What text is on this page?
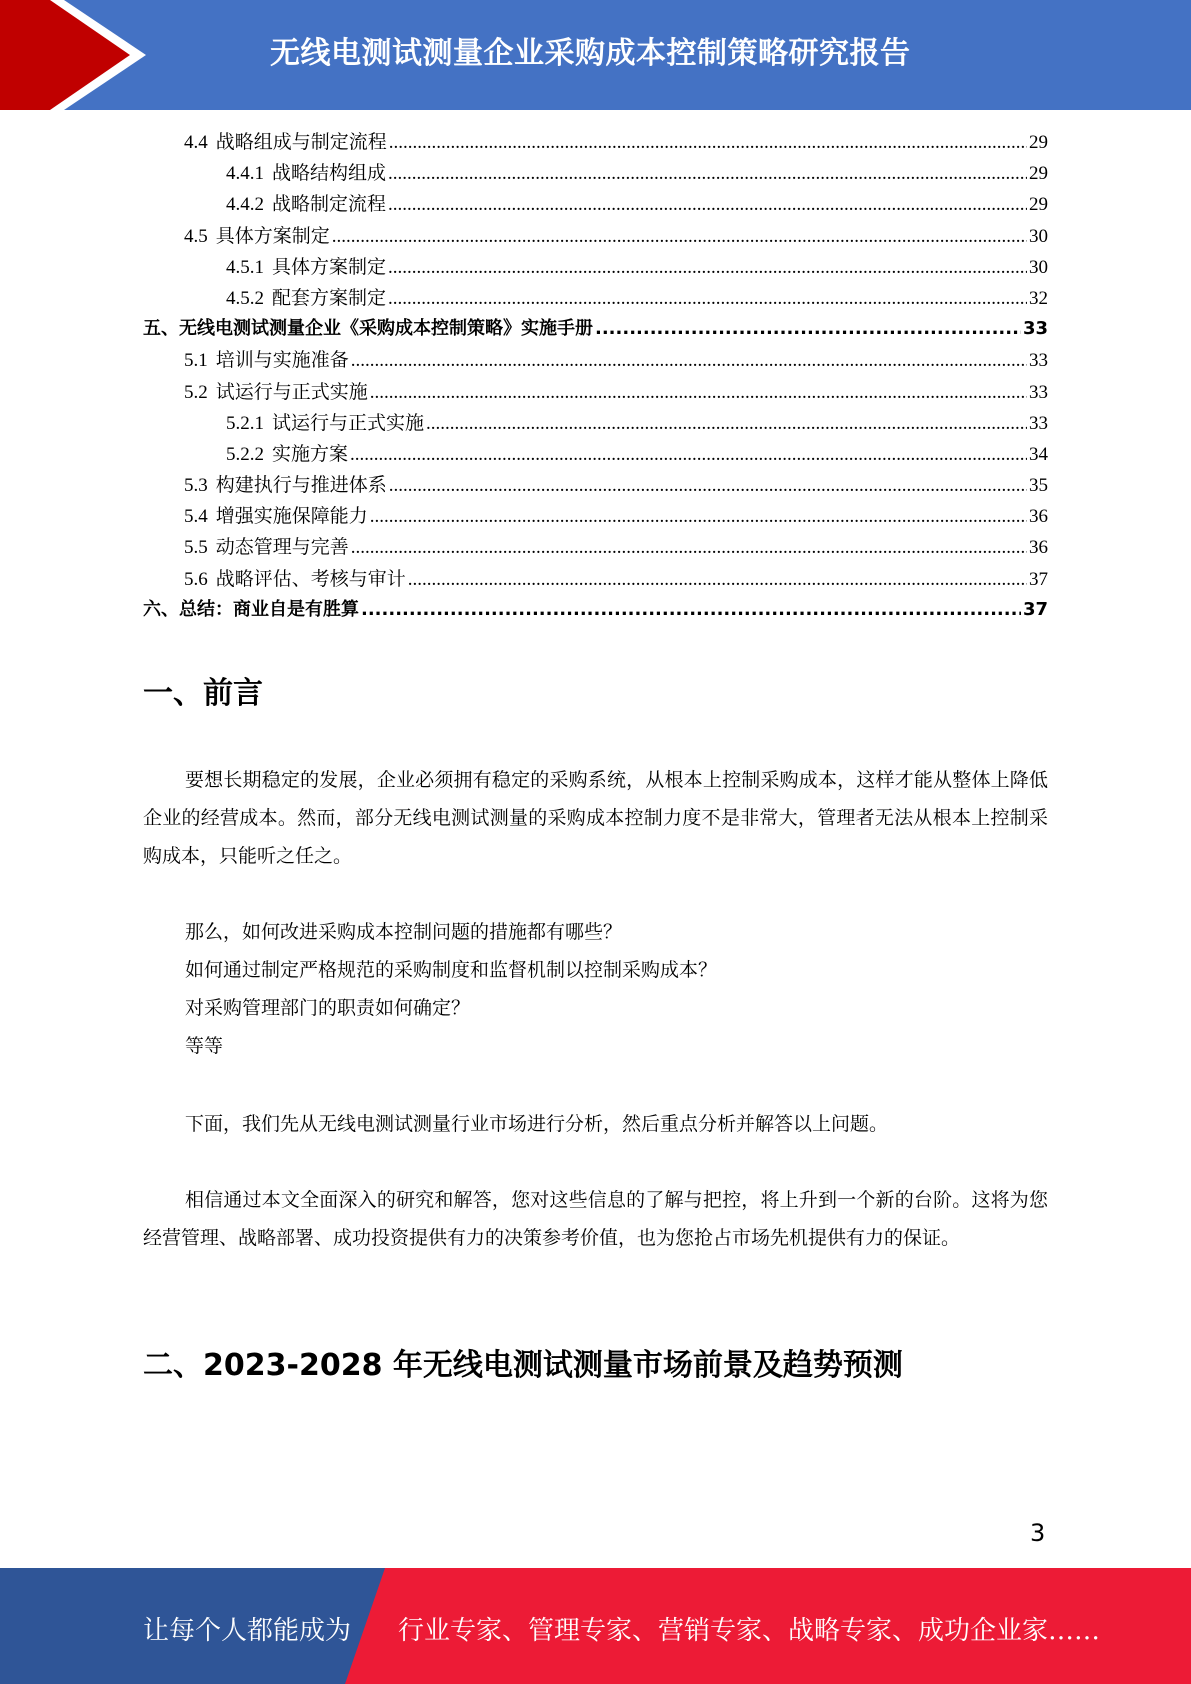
无线电测试测量企业采购成本控制策略研究报告
4.4 战略组成与制定流程 .....	29
4.4.1 战略结构组成 .....	29
4.4.2 战略制定流程 .....	29
4.5 具体方案制定 .....	30
4.5.1 具体方案制定 .....	30
4.5.2 配套方案制定 .....	32
五、无线电测试测量企业《采购成本控制策略》实施手册 .....	33
5.1 培训与实施准备 .....	33
5.2 试运行与正式实施 .....	33
5.2.1 试运行与正式实施 .....	33
5.2.2 实施方案 .....	34
5.3 构建执行与推进体系 .....	35
5.4 增强实施保障能力 .....	36
5.5 动态管理与完善 .....	36
5.6 战略评估、考核与审计 .....	37
六、总结：商业自是有胜算 .....	37
一、前言

要想长期稳定的发展，企业必须拥有稳定的采购系统，从根本上控制采购成本，这样才能从整体上降低企业的经营成本。然而，部分无线电测试测量的采购成本控制力度不是非常大，管理者无法从根本上控制采购成本，只能听之任之。

那么，如何改进采购成本控制问题的措施都有哪些？

如何通过制定严格规范的采购制度和监督机制以控制采购成本？

对采购管理部门的职责如何确定？

等等

下面，我们先从无线电测试测量行业市场进行分析，然后重点分析并解答以上问题。

相信通过本文全面深入的研究和解答，您对这些信息的了解与把控，将上升到一个新的台阶。这将为您经营管理、战略部署、成功投资提供有力的决策参考价值，也为您抢占市场先机提供有力的保证。

二、2023-2028 年无线电测试测量市场前景及趋势预测
3
让每个人都能成为 行业专家、管理专家、营销专家、战略专家、成功企业家……
